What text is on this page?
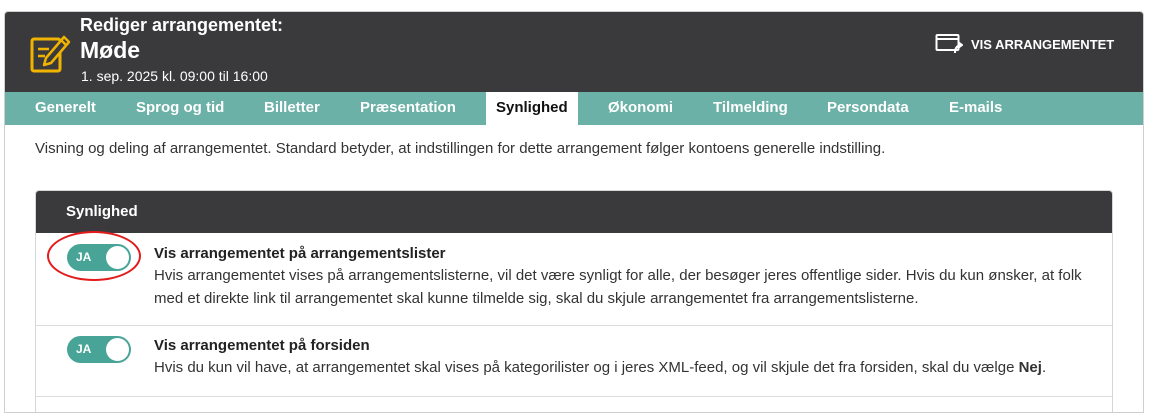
Rediger arrangementet:
Møde
1. sep. 2025 kl. 09:00 til 16:00
VIS ARRANGEMENTET
Generelt	Sprog og tid	Billetter	Præsentation	Synlighed	Økonomi	Tilmelding	Persondata	E-mails
Visning og deling af arrangementet. Standard betyder, at indstillingen for dette arrangement følger kontoens generelle indstilling.
Synlighed
JA	Vis arrangementet på arrangementslister
Hvis arrangementet vises på arrangementslisterne, vil det være synligt for alle, der besøger jeres offentlige sider. Hvis du kun ønsker, at folk med et direkte link til arrangementet skal kunne tilmelde sig, skal du skjule arrangementet fra arrangementslisterne.
JA	Vis arrangementet på forsiden
Hvis du kun vil have, at arrangementet skal vises på kategorilister og i jeres XML-feed, og vil skjule det fra forsiden, skal du vælge Nej.
